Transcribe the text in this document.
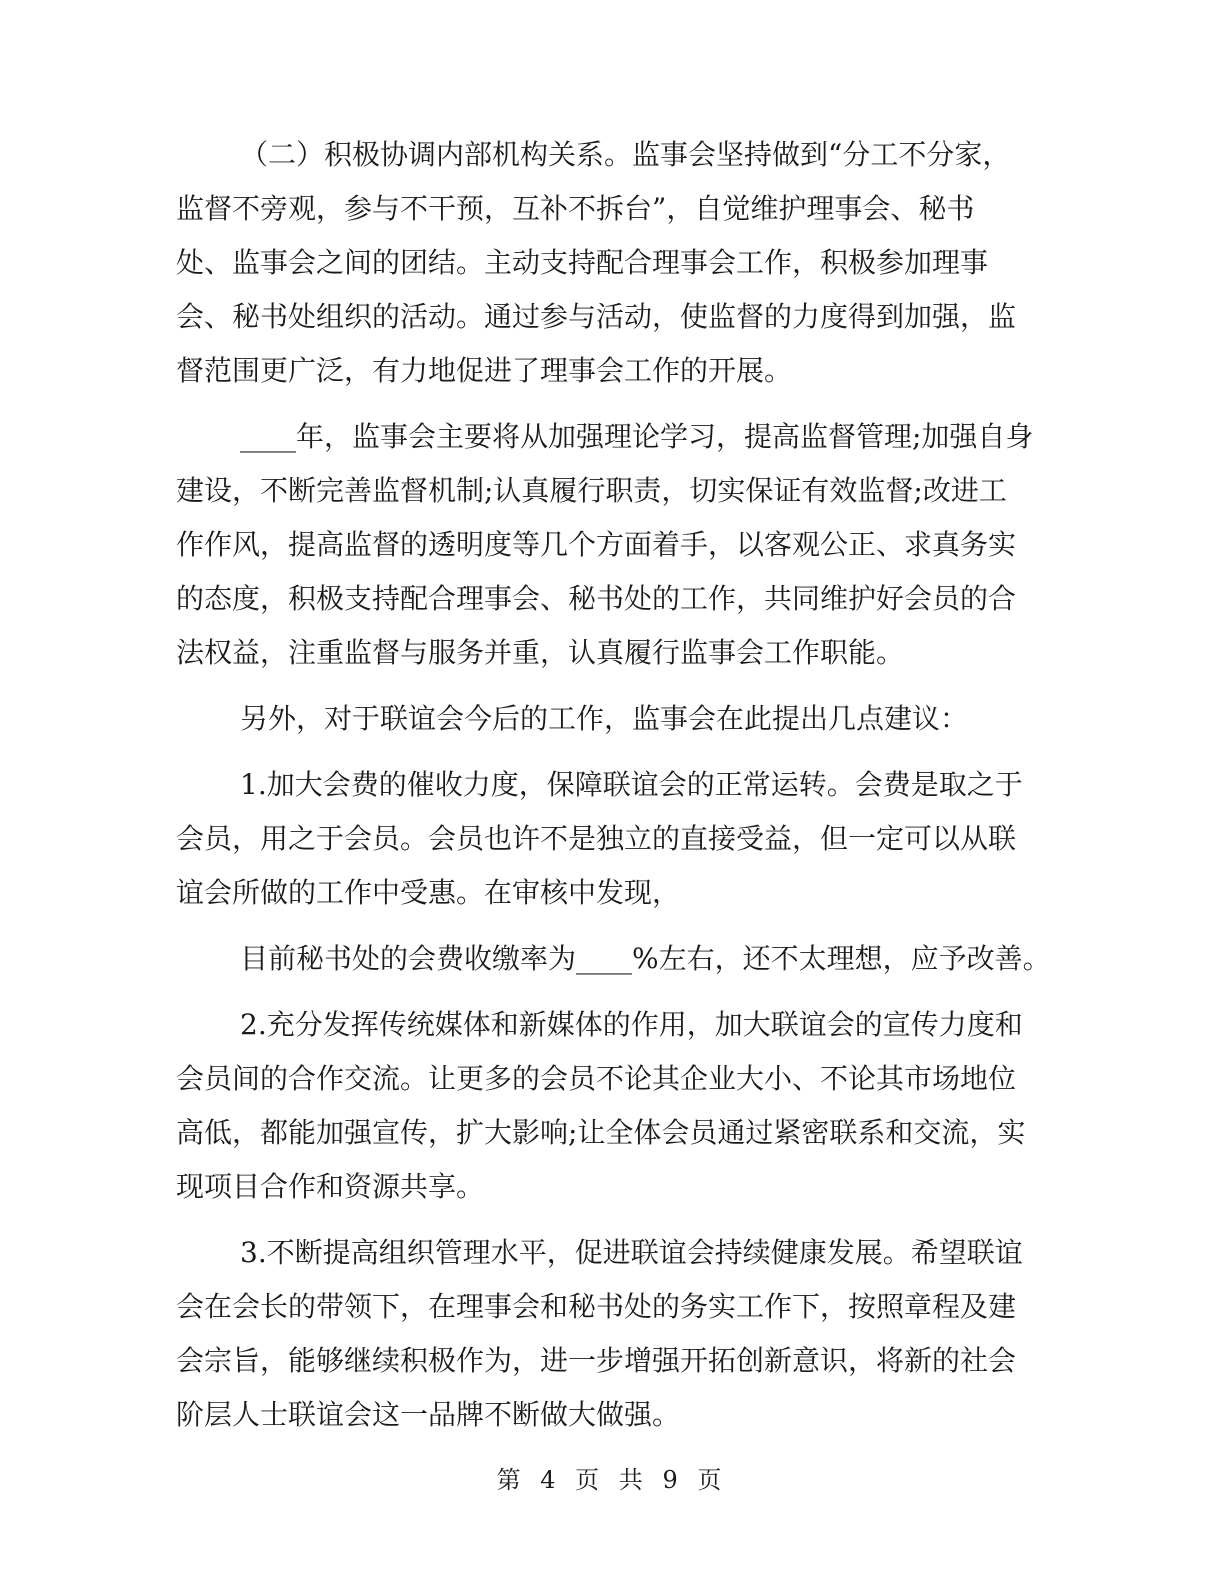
（二）积极协调内部机构关系。监事会坚持做到“分工不分家，
监督不旁观，参与不干预，互补不拆台”，自觉维护理事会、秘书
处、监事会之间的团结。主动支持配合理事会工作，积极参加理事
会、秘书处组织的活动。通过参与活动，使监督的力度得到加强，监
督范围更广泛，有力地促进了理事会工作的开展。
____年，监事会主要将从加强理论学习，提高监督管理;加强自身
建设，不断完善监督机制;认真履行职责，切实保证有效监督;改进工
作作风，提高监督的透明度等几个方面着手，以客观公正、求真务实
的态度，积极支持配合理事会、秘书处的工作，共同维护好会员的合
法权益，注重监督与服务并重，认真履行监事会工作职能。
另外，对于联谊会今后的工作，监事会在此提出几点建议：
1.加大会费的催收力度，保障联谊会的正常运转。会费是取之于
会员，用之于会员。会员也许不是独立的直接受益，但一定可以从联
谊会所做的工作中受惠。在审核中发现，
目前秘书处的会费收缴率为____%左右，还不太理想，应予改善。
2.充分发挥传统媒体和新媒体的作用，加大联谊会的宣传力度和
会员间的合作交流。让更多的会员不论其企业大小、不论其市场地位
高低，都能加强宣传，扩大影响;让全体会员通过紧密联系和交流，实
现项目合作和资源共享。
3.不断提高组织管理水平，促进联谊会持续健康发展。希望联谊
会在会长的带领下，在理事会和秘书处的务实工作下，按照章程及建
会宗旨，能够继续积极作为，进一步增强开拓创新意识，将新的社会
阶层人士联谊会这一品牌不断做大做强。
第 4 页 共 9 页
